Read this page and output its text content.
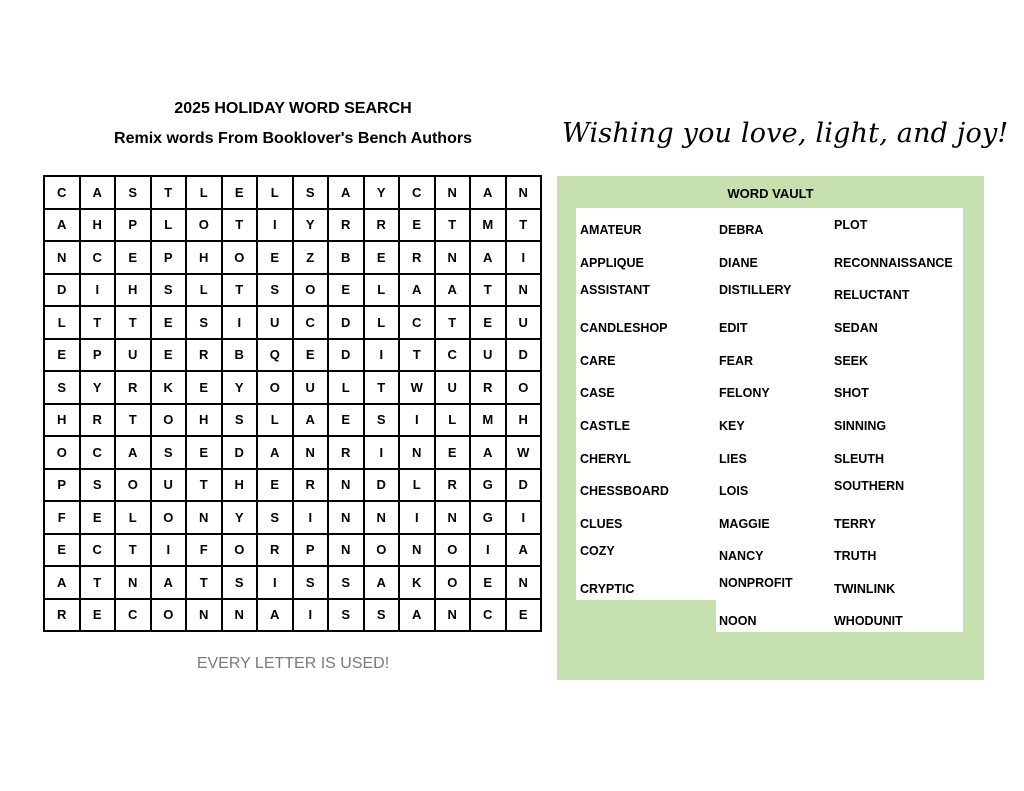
2025 HOLIDAY WORD SEARCH
Remix words From Booklover's Bench Authors	Wishing you love, light, and joy!
C	A	S	T	L	E	L	S	A	Y	C	N	A	N
A	H	P	L	O	T	I	Y	R	R	E	T	M	T
N	C	E	P	H	O	E	Z	B	E	R	N	A	I
D	I	H	S	L	T	S	O	E	L	A	A	T	N
L	T	T	E	S	I	U	C	D	L	C	T	E	U
E	P	U	E	R	B	Q	E	D	I	T	C	U	D
S	Y	R	K	E	Y	O	U	L	T	W	U	R	O
H	R	T	O	H	S	L	A	E	S	I	L	M	H
O	C	A	S	E	D	A	N	R	I	N	E	A	W
P	S	O	U	T	H	E	R	N	D	L	R	G	D
F	E	L	O	N	Y	S	I	N	N	I	N	G	I
E	C	T	I	F	O	R	P	N	O	N	O	I	A
A	T	N	A	T	S	I	S	S	A	K	O	E	N
R	E	C	O	N	N	A	I	S	S	A	N	C	E
EVERY LETTER IS USED!
WORD VAULT
AMATEUR
APPLIQUE
ASSISTANT
CANDLESHOP
CARE
CASE
CASTLE
CHERYL
CHESSBOARD
CLUES
COZY
CRYPTIC
DEBRA
DIANE
DISTILLERY
EDIT
FEAR
FELONY
KEY
LIES
LOIS
MAGGIE
NANCY
NONPROFIT
NOON
PLOT
RECONNAISSANCE
RELUCTANT
SEDAN
SEEK
SHOT
SINNING
SLEUTH
SOUTHERN
TERRY
TRUTH
TWINLINK
WHODUNIT
